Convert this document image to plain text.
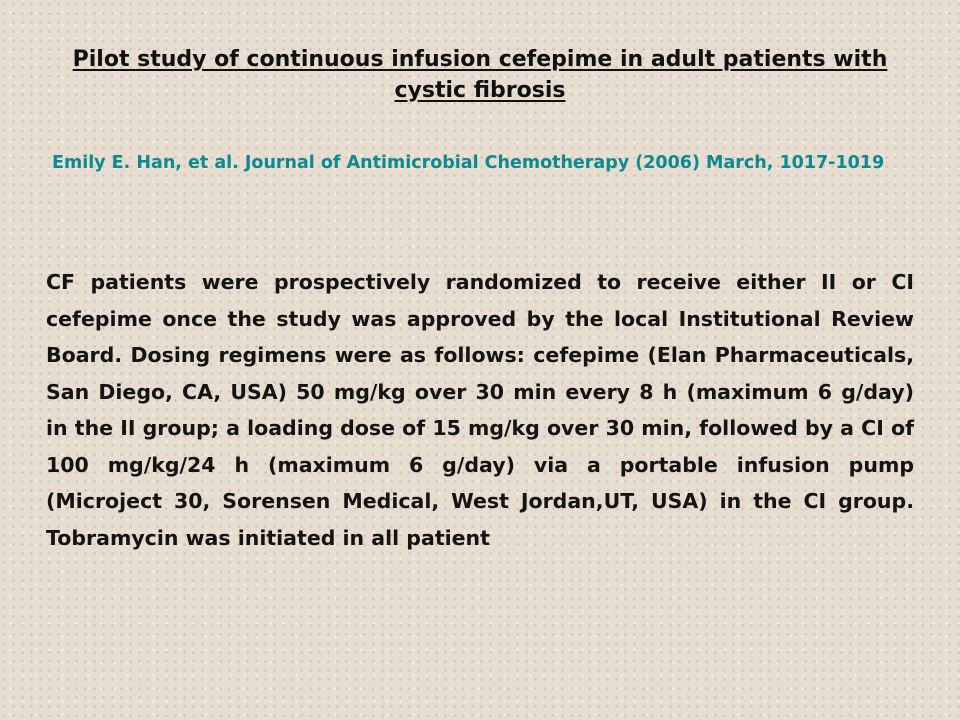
Pilot study of continuous infusion cefepime in adult patients with cystic fibrosis
Emily E. Han, et al. Journal of Antimicrobial Chemotherapy (2006) March, 1017-1019
CF patients were prospectively randomized to receive either II or CI cefepime once the study was approved by the local Institutional Review Board. Dosing regimens were as follows: cefepime (Elan Pharmaceuticals, San Diego, CA, USA) 50 mg/kg over 30 min every 8 h (maximum 6 g/day) in the II group; a loading dose of 15 mg/kg over 30 min, followed by a CI of 100 mg/kg/24 h (maximum 6 g/day) via a portable infusion pump (Microject 30, Sorensen Medical, West Jordan,UT, USA) in the CI group. Tobramycin was initiated in all patient
